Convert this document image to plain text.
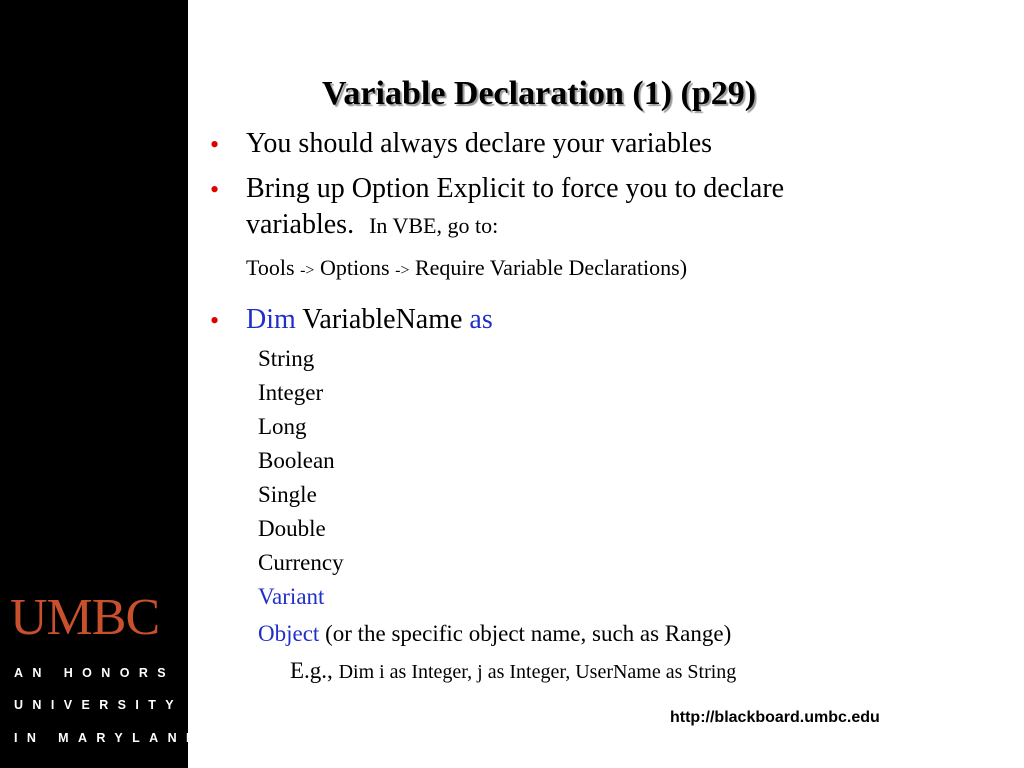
UMBC
AN HONORS
UNIVERSITY
IN MARYLAND
Variable Declaration (1) (p29)
• You should always declare your variables
• Bring up Option Explicit to force you to declare
variables. In VBE, go to:
Tools -> Options -> Require Variable Declarations)
• Dim VariableName as
String
Integer
Long
Boolean
Single
Double
Currency
Variant
Object (or the specific object name, such as Range)
E.g., Dim i as Integer, j as Integer, UserName as String
http://blackboard.umbc.edu
